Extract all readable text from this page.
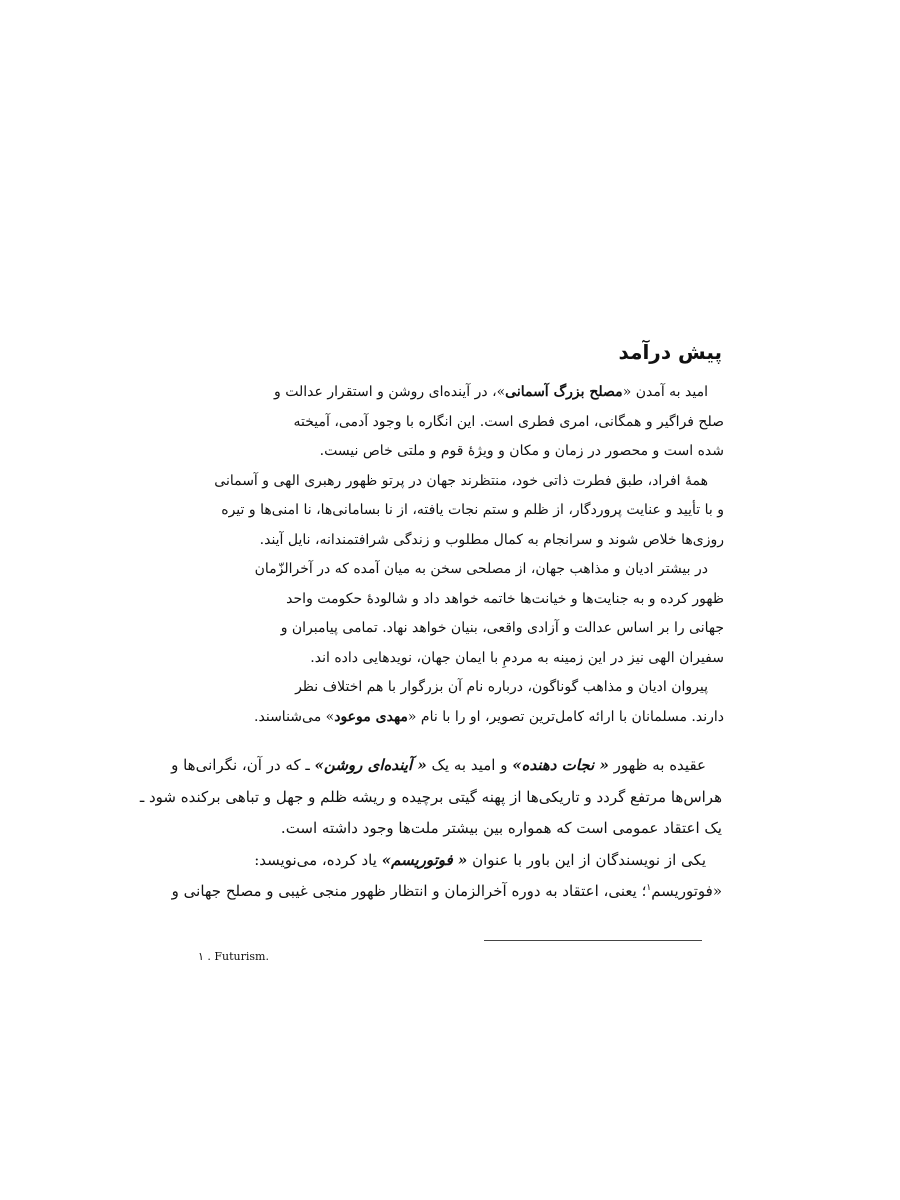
پیش درآمد
امید به آمدن «مصلح بزرگ آسمانی»، در آینده‌ای روشن و استقرار عدالت و
صلح فراگیر و همگانی، امری فطری است. این انگاره با وجود آدمی، آمیخته
شده است و محصور در زمان و مکان و ویژۀ قوم و ملتی خاص نیست.
همۀ افراد، طبق فطرت ذاتی خود، منتظرند جهان در پرتو ظهور رهبری الهی و آسمانی
و با تأیید و عنایت پروردگار، از ظلم و ستم نجات یافته، از نا بسامانی‌ها، نا امنی‌ها و تیره
روزی‌ها خلاص شوند و سرانجام به کمال مطلوب و زندگی شرافتمندانه، نایل آیند.
در بیشتر ادیان و مذاهب جهان، از مصلحی سخن به میان آمده که در آخرالزّمان
ظهور کرده و به جنایت‌ها و خیانت‌ها خاتمه خواهد داد و شالودۀ حکومت واحد
جهانی را بر اساس عدالت و آزادی واقعی، بنیان خواهد نهاد. تمامی پیامبران و
سفیران الهی نیز در این زمینه به مردمِ با ایمان جهان، نویدهایی داده اند.
پیروان ادیان و مذاهب گوناگون، درباره نام آن بزرگوار با هم اختلاف نظر
دارند. مسلمانان با ارائه کامل‌ترین تصویر، او را با نام «مهدی موعود» می‌شناسند.
عقیده به ظهور « نجات دهنده» و امید به یک « آینده‌ای روشن» ـ که در آن، نگرانی‌ها و
هراس‌ها مرتفع گردد و تاریکی‌ها از پهنه گیتی برچیده و ریشه ظلم و جهل و تباهی برکنده شود ـ
یک اعتقاد عمومی است که همواره بین بیشتر ملت‌ها وجود داشته است.
یکی از نویسندگان از این باور با عنوان « فوتوریسم» یاد کرده، می‌نویسد:
«فوتوریسم$^١$؛ یعنی، اعتقاد به دوره آخرالزمان و انتظار ظهور منجی غیبی و مصلح جهانی و
١ . Futurism.
